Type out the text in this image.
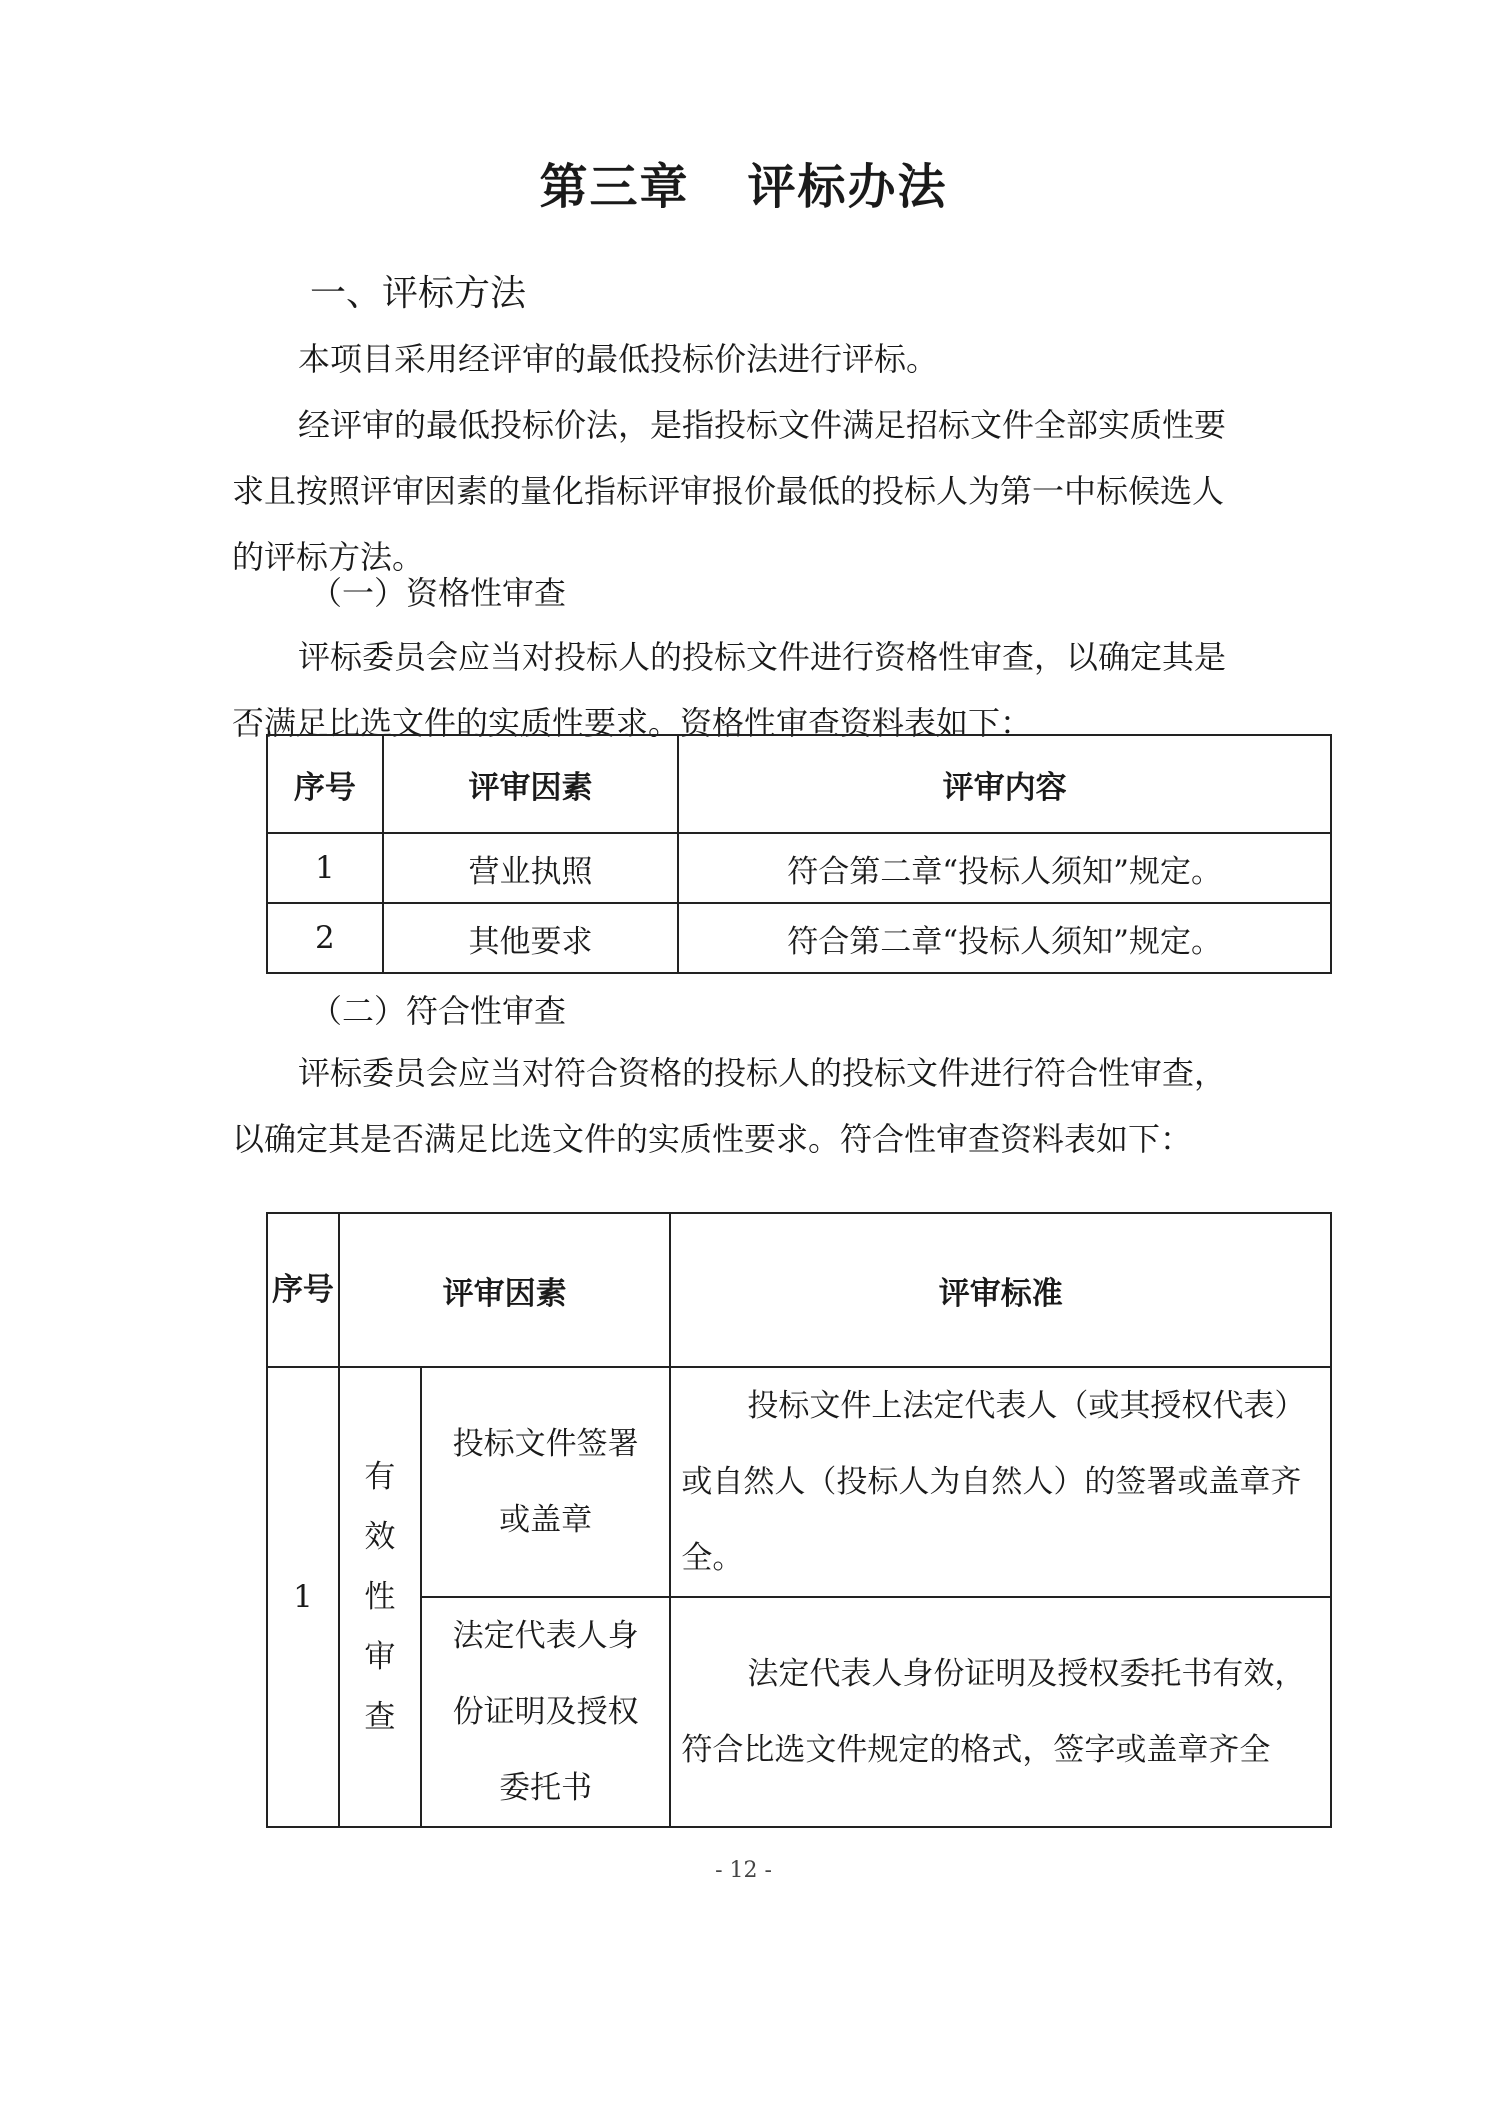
第三章 评标办法
一、评标方法

本项目采用经评审的最低投标价法进行评标。

经评审的最低投标价法，是指投标文件满足招标文件全部实质性要求且按照评审因素的量化指标评审报价最低的投标人为第一中标候选人的评标方法。

（一）资格性审查

评标委员会应当对投标人的投标文件进行资格性审查，以确定其是否满足比选文件的实质性要求。资格性审查资料表如下：

序号	评审因素	评审内容
1	营业执照	符合第二章“投标人须知”规定。
2	其他要求	符合第二章“投标人须知”规定。
（二）符合性审查

评标委员会应当对符合资格的投标人的投标文件进行符合性审查，以确定其是否满足比选文件的实质性要求。符合性审查资料表如下：

序号	评审因素		评审标准
1	有效性审查	投标文件签署或盖章	投标文件上法定代表人（或其授权代表）或自然人（投标人为自然人）的签署或盖章齐全。
		法定代表人身份证明及授权委托书	法定代表人身份证明及授权委托书有效，符合比选文件规定的格式，签字或盖章齐全
- 12 -
